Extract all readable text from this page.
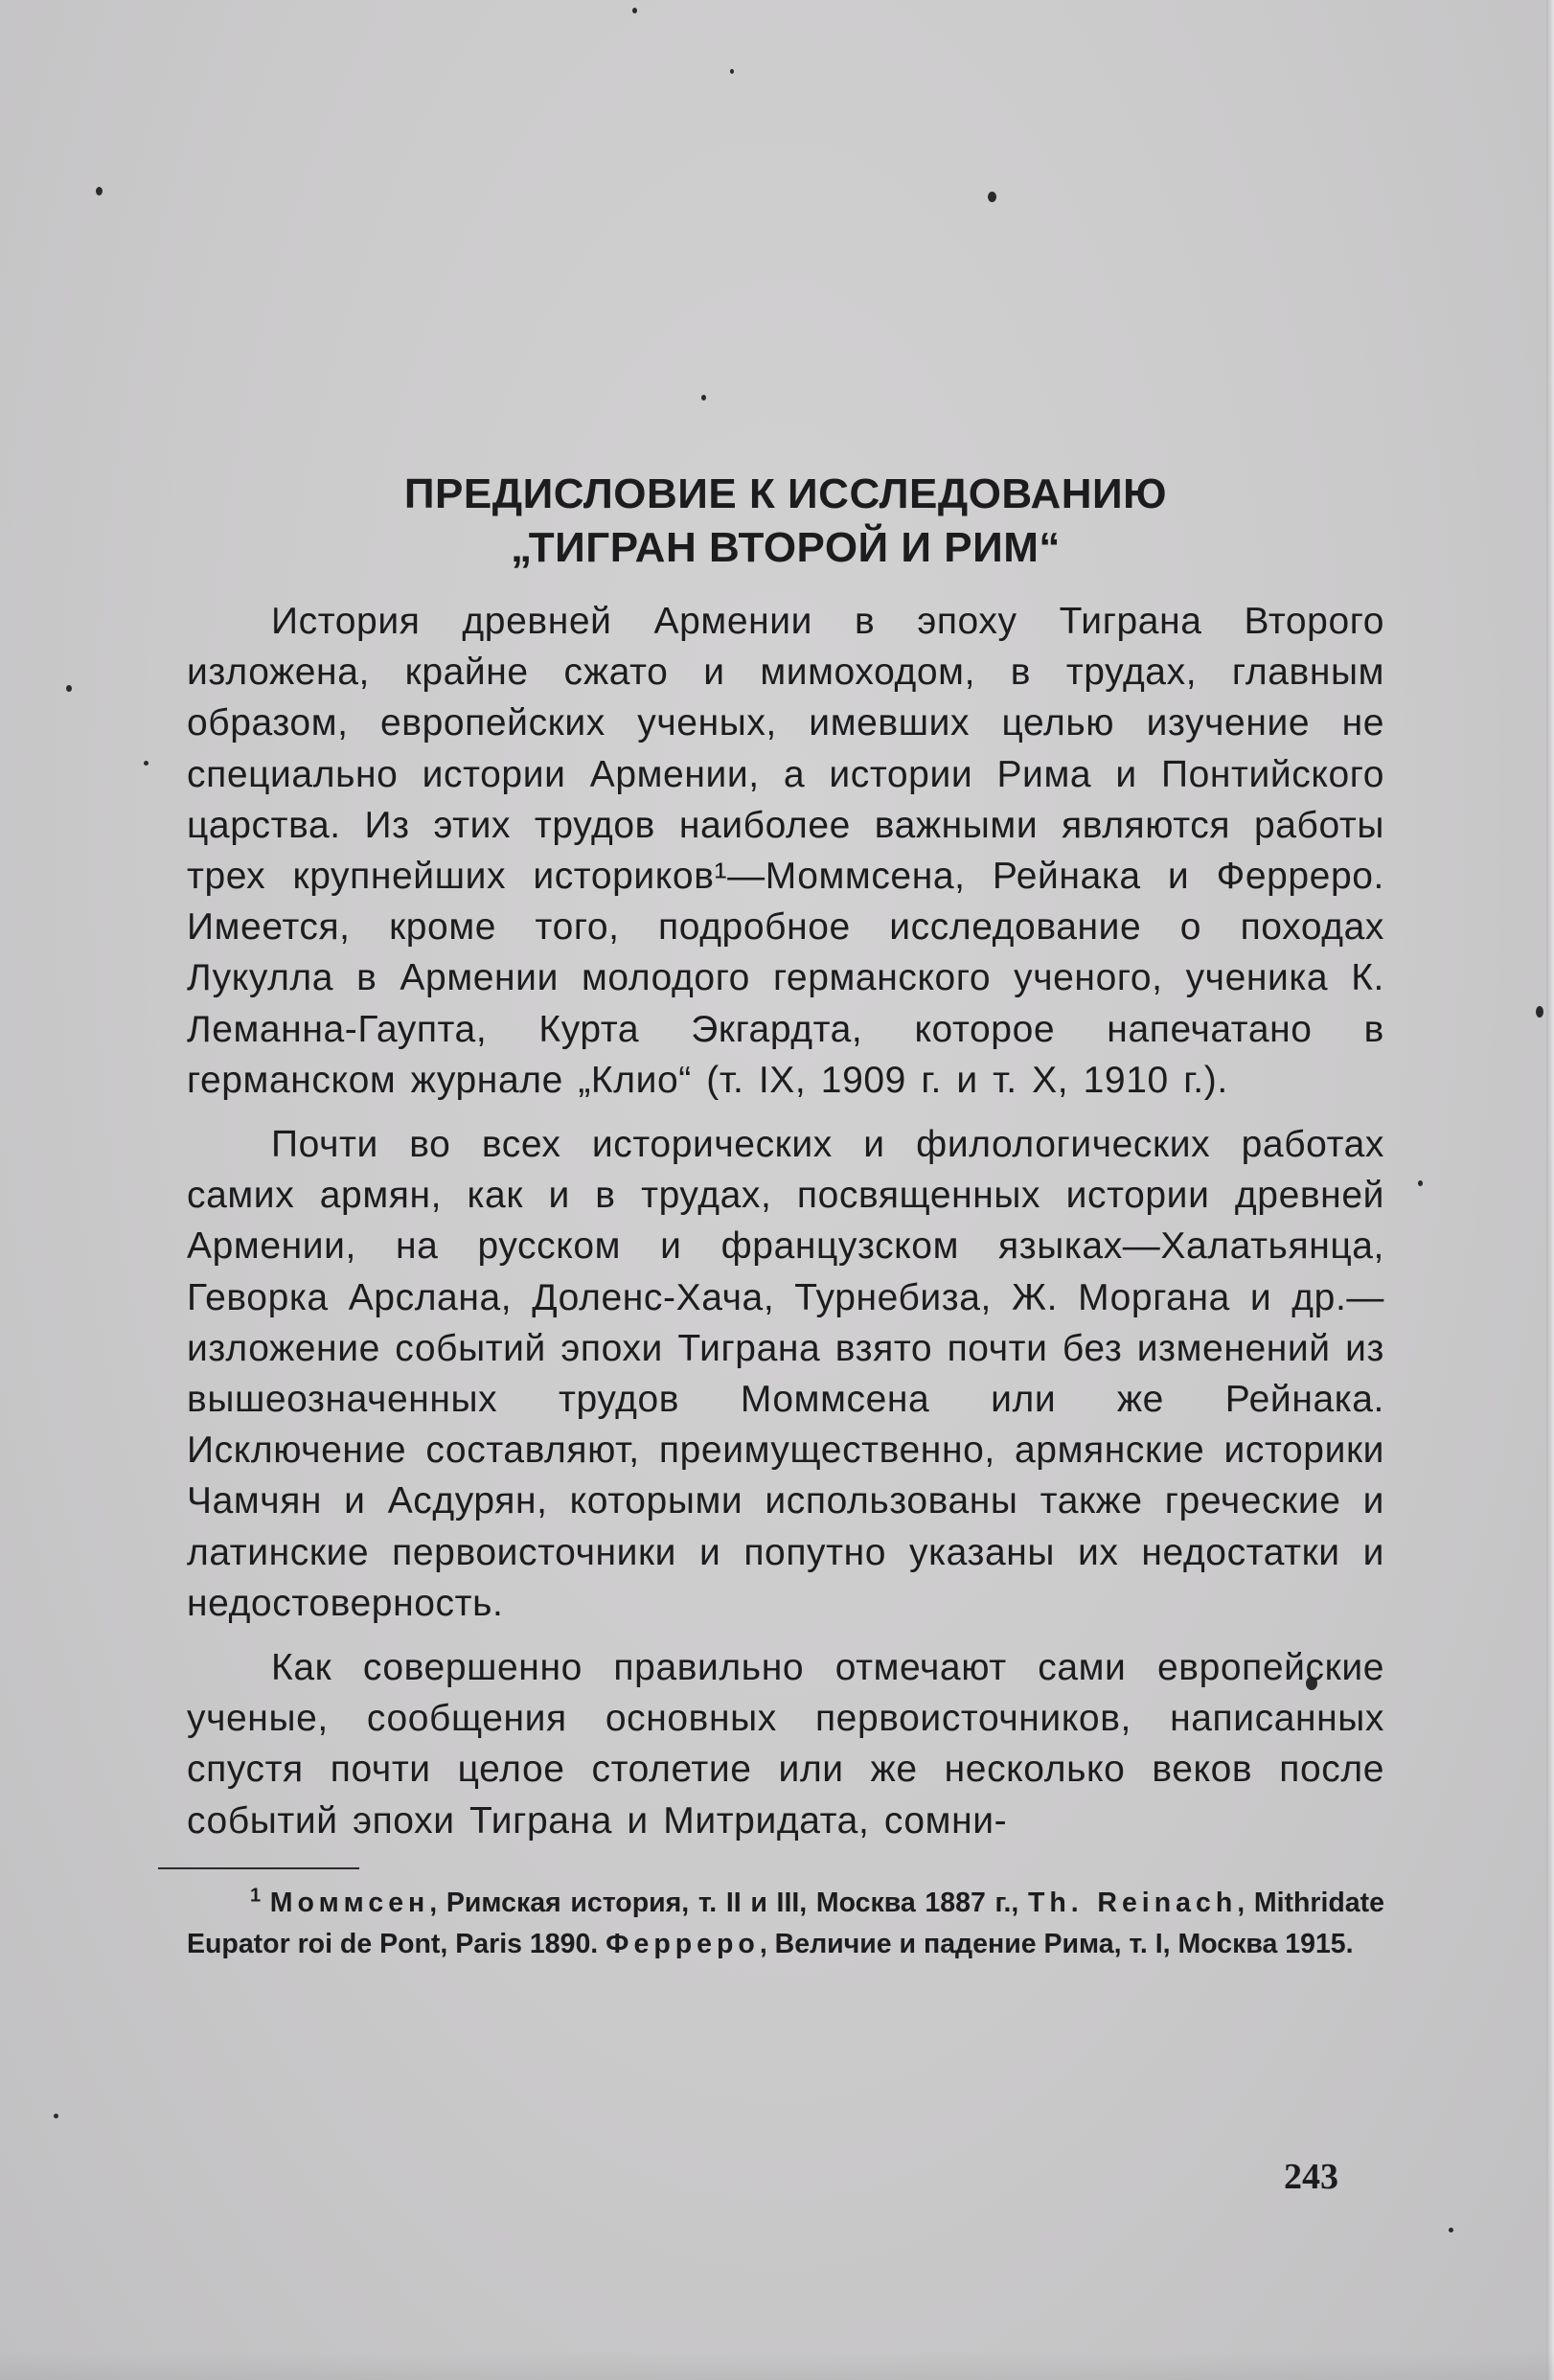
ПРЕДИСЛОВИЕ К ИССЛЕДОВАНИЮ
„ТИГРАН ВТОРОЙ И РИМ“

История древней Армении в эпоху Тиграна Второго изложена, крайне сжато и мимоходом, в трудах, главным образом, европейских ученых, имевших целью изучение не специально истории Армении, а истории Рима и Понтийского царства. Из этих трудов наиболее важными являются работы трех крупнейших историков¹—Моммсена, Рейнака и Ферреро. Имеется, кроме того, подробное исследование о походах Лукулла в Армении молодого германского ученого, ученика К. Леманна-Гаупта, Курта Экгардта, которое напечатано в германском журнале „Клио“ (т. IX, 1909 г. и т. X, 1910 г.).

Почти во всех исторических и филологических работах самих армян, как и в трудах, посвященных истории древней Армении, на русском и французском языках—Халатьянца, Геворка Арслана, Доленс-Хача, Турнебиза, Ж. Моргана и др.—изложение событий эпохи Тиграна взято почти без изменений из вышеозначенных трудов Моммсена или же Рейнака. Исключение составляют, преимущественно, армянские историки Чамчян и Асдурян, которыми использованы также греческие и латинские первоисточники и попутно указаны их недостатки и недостоверность.

Как совершенно правильно отмечают сами европейские ученые, сообщения основных первоисточников, написанных спустя почти целое столетие или же несколько веков после событий эпохи Тиграна и Митридата, сомни-

$^1$ Моммсен, Римская история, т. II и III, Москва 1887 г., Th. Reinach, Mithridate Eupator roi de Pont, Paris 1890. Ферреро, Величие и падение Рима, т. I, Москва 1915.

243
